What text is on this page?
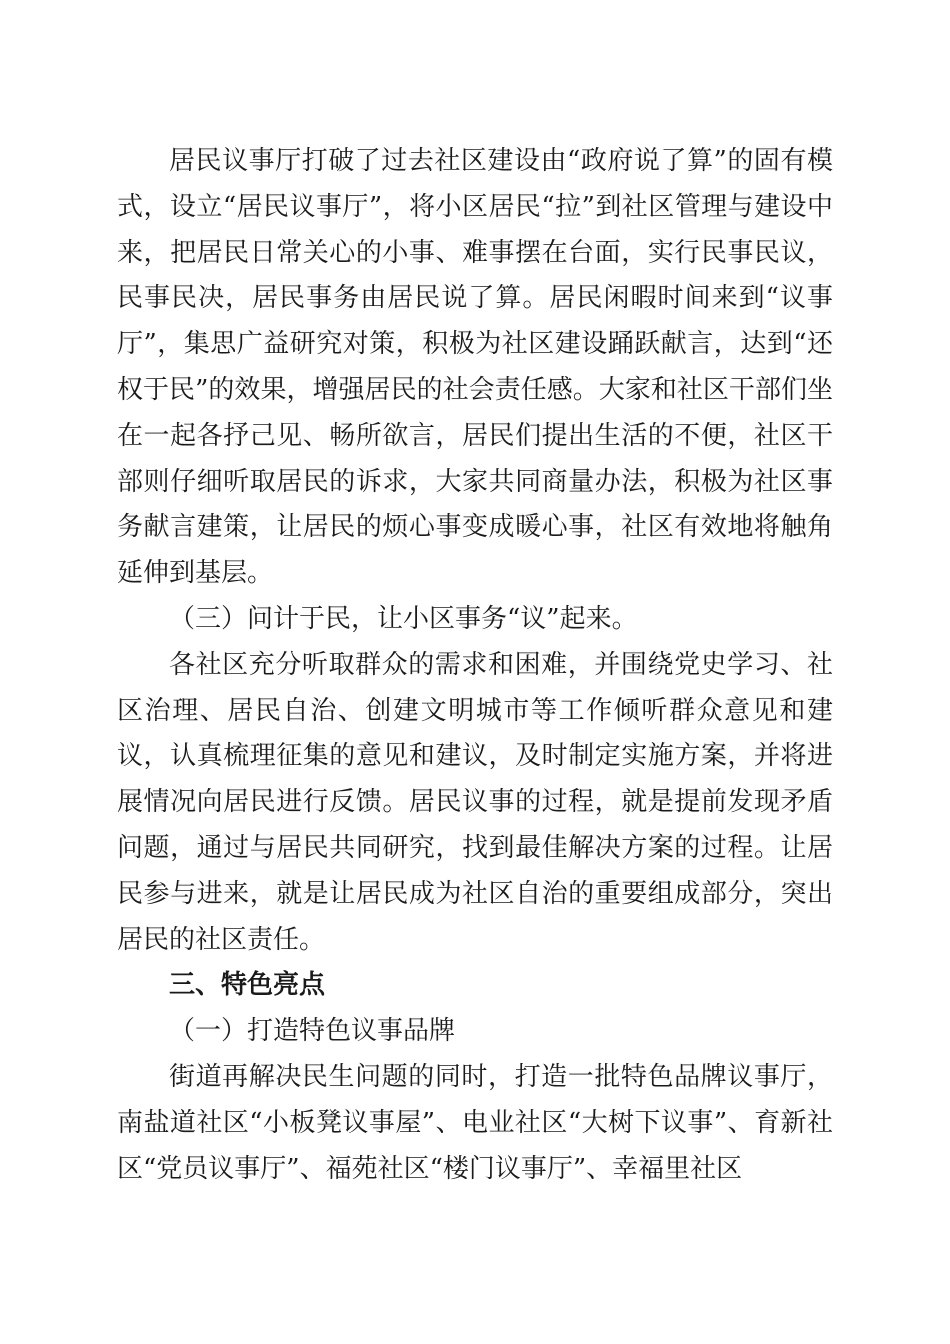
居民议事厅打破了过去社区建设由“政府说了算”的固有模式，设立“居民议事厅”，将小区居民“拉”到社区管理与建设中来，把居民日常关心的小事、难事摆在台面，实行民事民议，民事民决，居民事务由居民说了算。居民闲暇时间来到“议事厅”，集思广益研究对策，积极为社区建设踊跃献言，达到“还权于民”的效果，增强居民的社会责任感。大家和社区干部们坐在一起各抒己见、畅所欲言，居民们提出生活的不便，社区干部则仔细听取居民的诉求，大家共同商量办法，积极为社区事务献言建策，让居民的烦心事变成暖心事，社区有效地将触角延伸到基层。

（三）问计于民，让小区事务“议”起来。

各社区充分听取群众的需求和困难，并围绕党史学习、社区治理、居民自治、创建文明城市等工作倾听群众意见和建议，认真梳理征集的意见和建议，及时制定实施方案，并将进展情况向居民进行反馈。居民议事的过程，就是提前发现矛盾问题，通过与居民共同研究，找到最佳解决方案的过程。让居民参与进来，就是让居民成为社区自治的重要组成部分，突出居民的社区责任。

三、特色亮点

（一）打造特色议事品牌

街道再解决民生问题的同时，打造一批特色品牌议事厅，南盐道社区“小板凳议事屋”、电业社区“大树下议事”、育新社区“党员议事厅”、福苑社区“楼门议事厅”、幸福里社区
